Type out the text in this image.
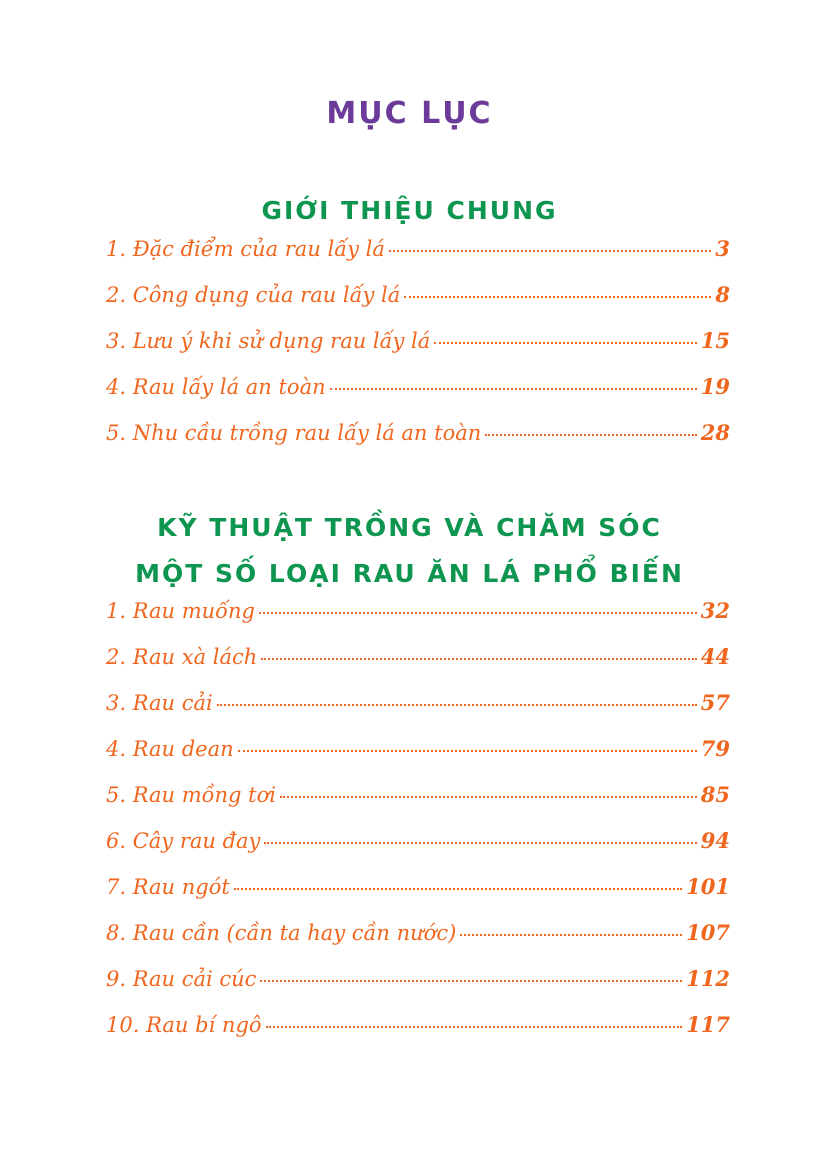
MỤC LỤC
GIỚI THIỆU CHUNG
1. Đặc điểm của rau lấy lá	3
2. Công dụng của rau lấy lá	8
3. Lưu ý khi sử dụng rau lấy lá	15
4. Rau lấy lá an toàn	19
5. Nhu cầu trồng rau lấy lá an toàn	28
KỸ THUẬT TRỒNG VÀ CHĂM SÓC
MỘT SỐ LOẠI RAU ĂN LÁ PHỔ BIẾN
1. Rau muống	32
2. Rau xà lách	44
3. Rau cải	57
4. Rau dean	79
5. Rau mồng tơi	85
6. Cây rau đay	94
7. Rau ngót	101
8. Rau cần (cần ta hay cần nước)	107
9. Rau cải cúc	112
10. Rau bí ngô	117
